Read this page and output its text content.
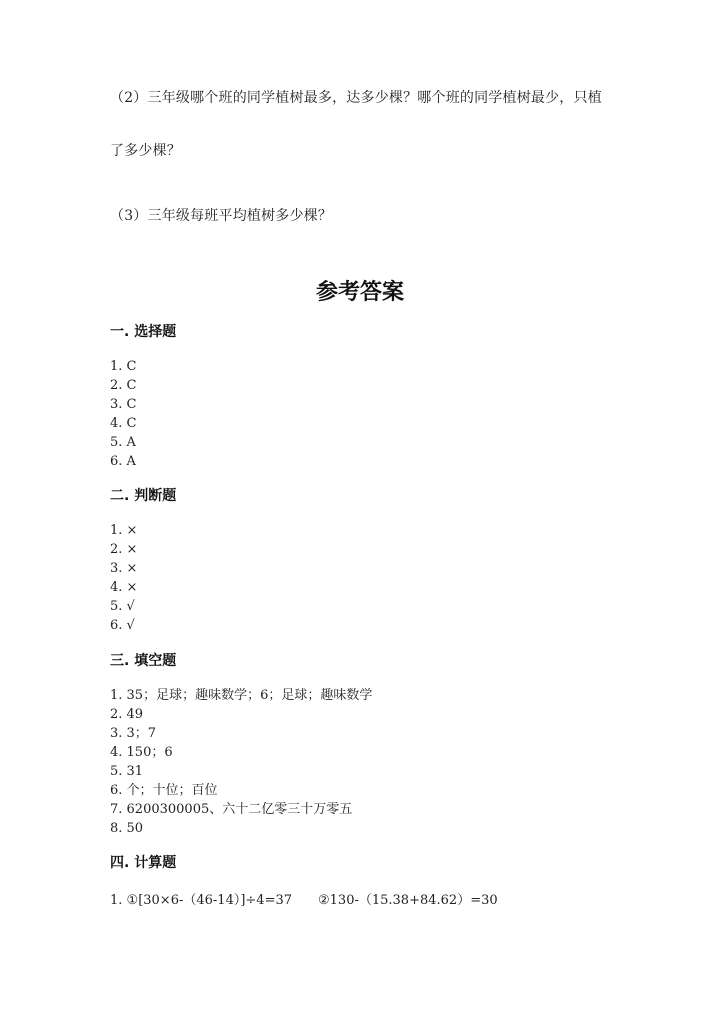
（2）三年级哪个班的同学植树最多，达多少棵？哪个班的同学植树最少，只植
了多少棵？
（3）三年级每班平均植树多少棵？
参考答案
一. 选择题
1. C
2. C
3. C
4. C
5. A
6. A
二. 判断题
1. ×
2. ×
3. ×
4. ×
5. √
6. √
三. 填空题
1. 35；足球；趣味数学；6；足球；趣味数学
2. 49
3. 3；7
4. 150；6
5. 31
6. 个；十位；百位
7. 6200300005、六十二亿零三十万零五
8. 50
四. 计算题
1. ①[30×6-（46-14）]÷4=37　　②130-（15.38+84.62）=30
